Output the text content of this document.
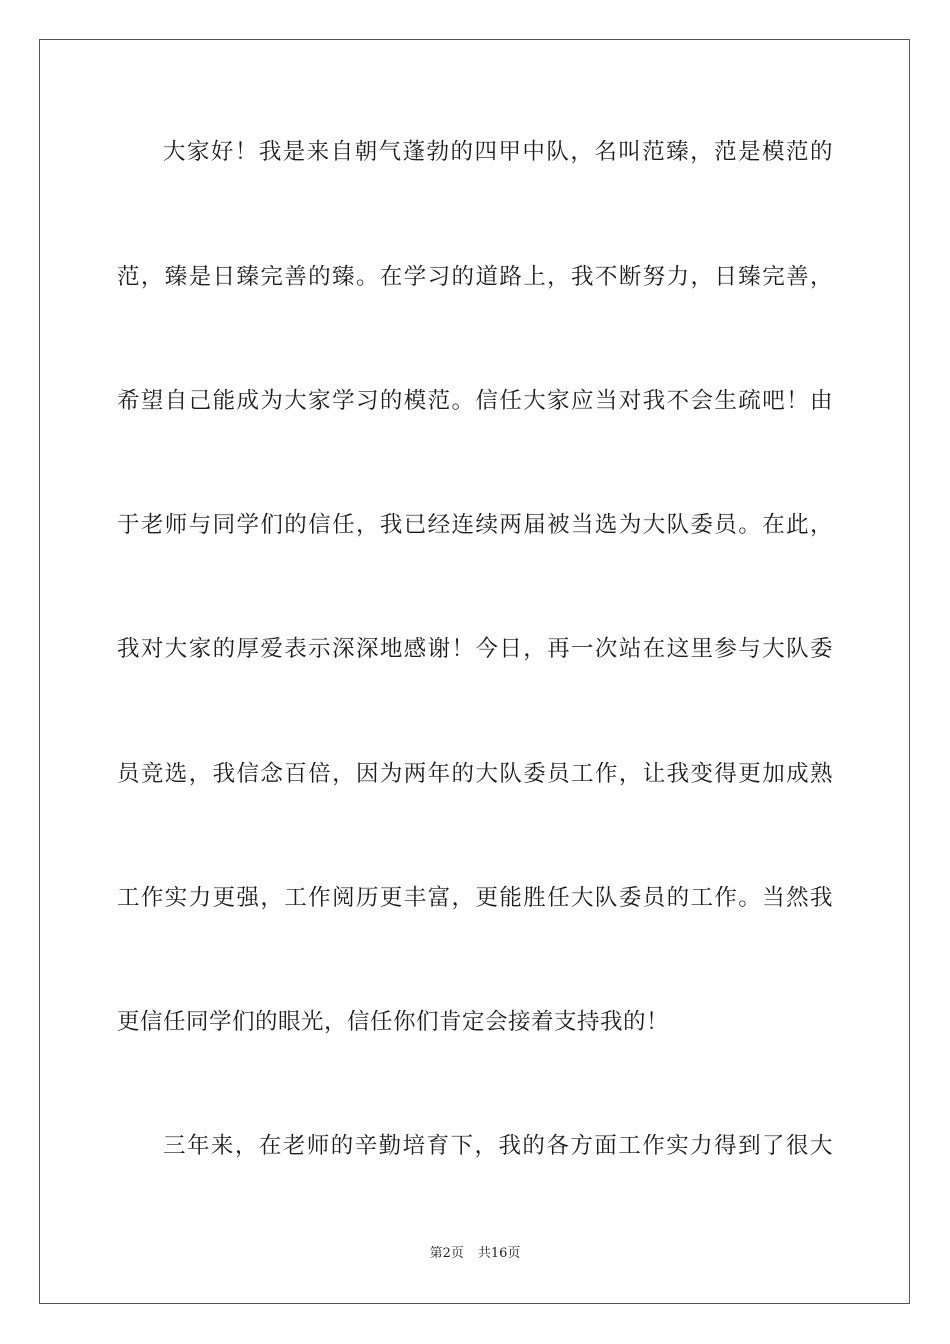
大家好！我是来自朝气蓬勃的四甲中队，名叫范臻，范是模范的
范，臻是日臻完善的臻。在学习的道路上，我不断努力，日臻完善，
希望自己能成为大家学习的模范。信任大家应当对我不会生疏吧！由
于老师与同学们的信任，我已经连续两届被当选为大队委员。在此，
我对大家的厚爱表示深深地感谢！今日，再一次站在这里参与大队委
员竞选，我信念百倍，因为两年的大队委员工作，让我变得更加成熟
工作实力更强，工作阅历更丰富，更能胜任大队委员的工作。当然我
更信任同学们的眼光，信任你们肯定会接着支持我的！
三年来，在老师的辛勤培育下，我的各方面工作实力得到了很大
第2页 共16页
